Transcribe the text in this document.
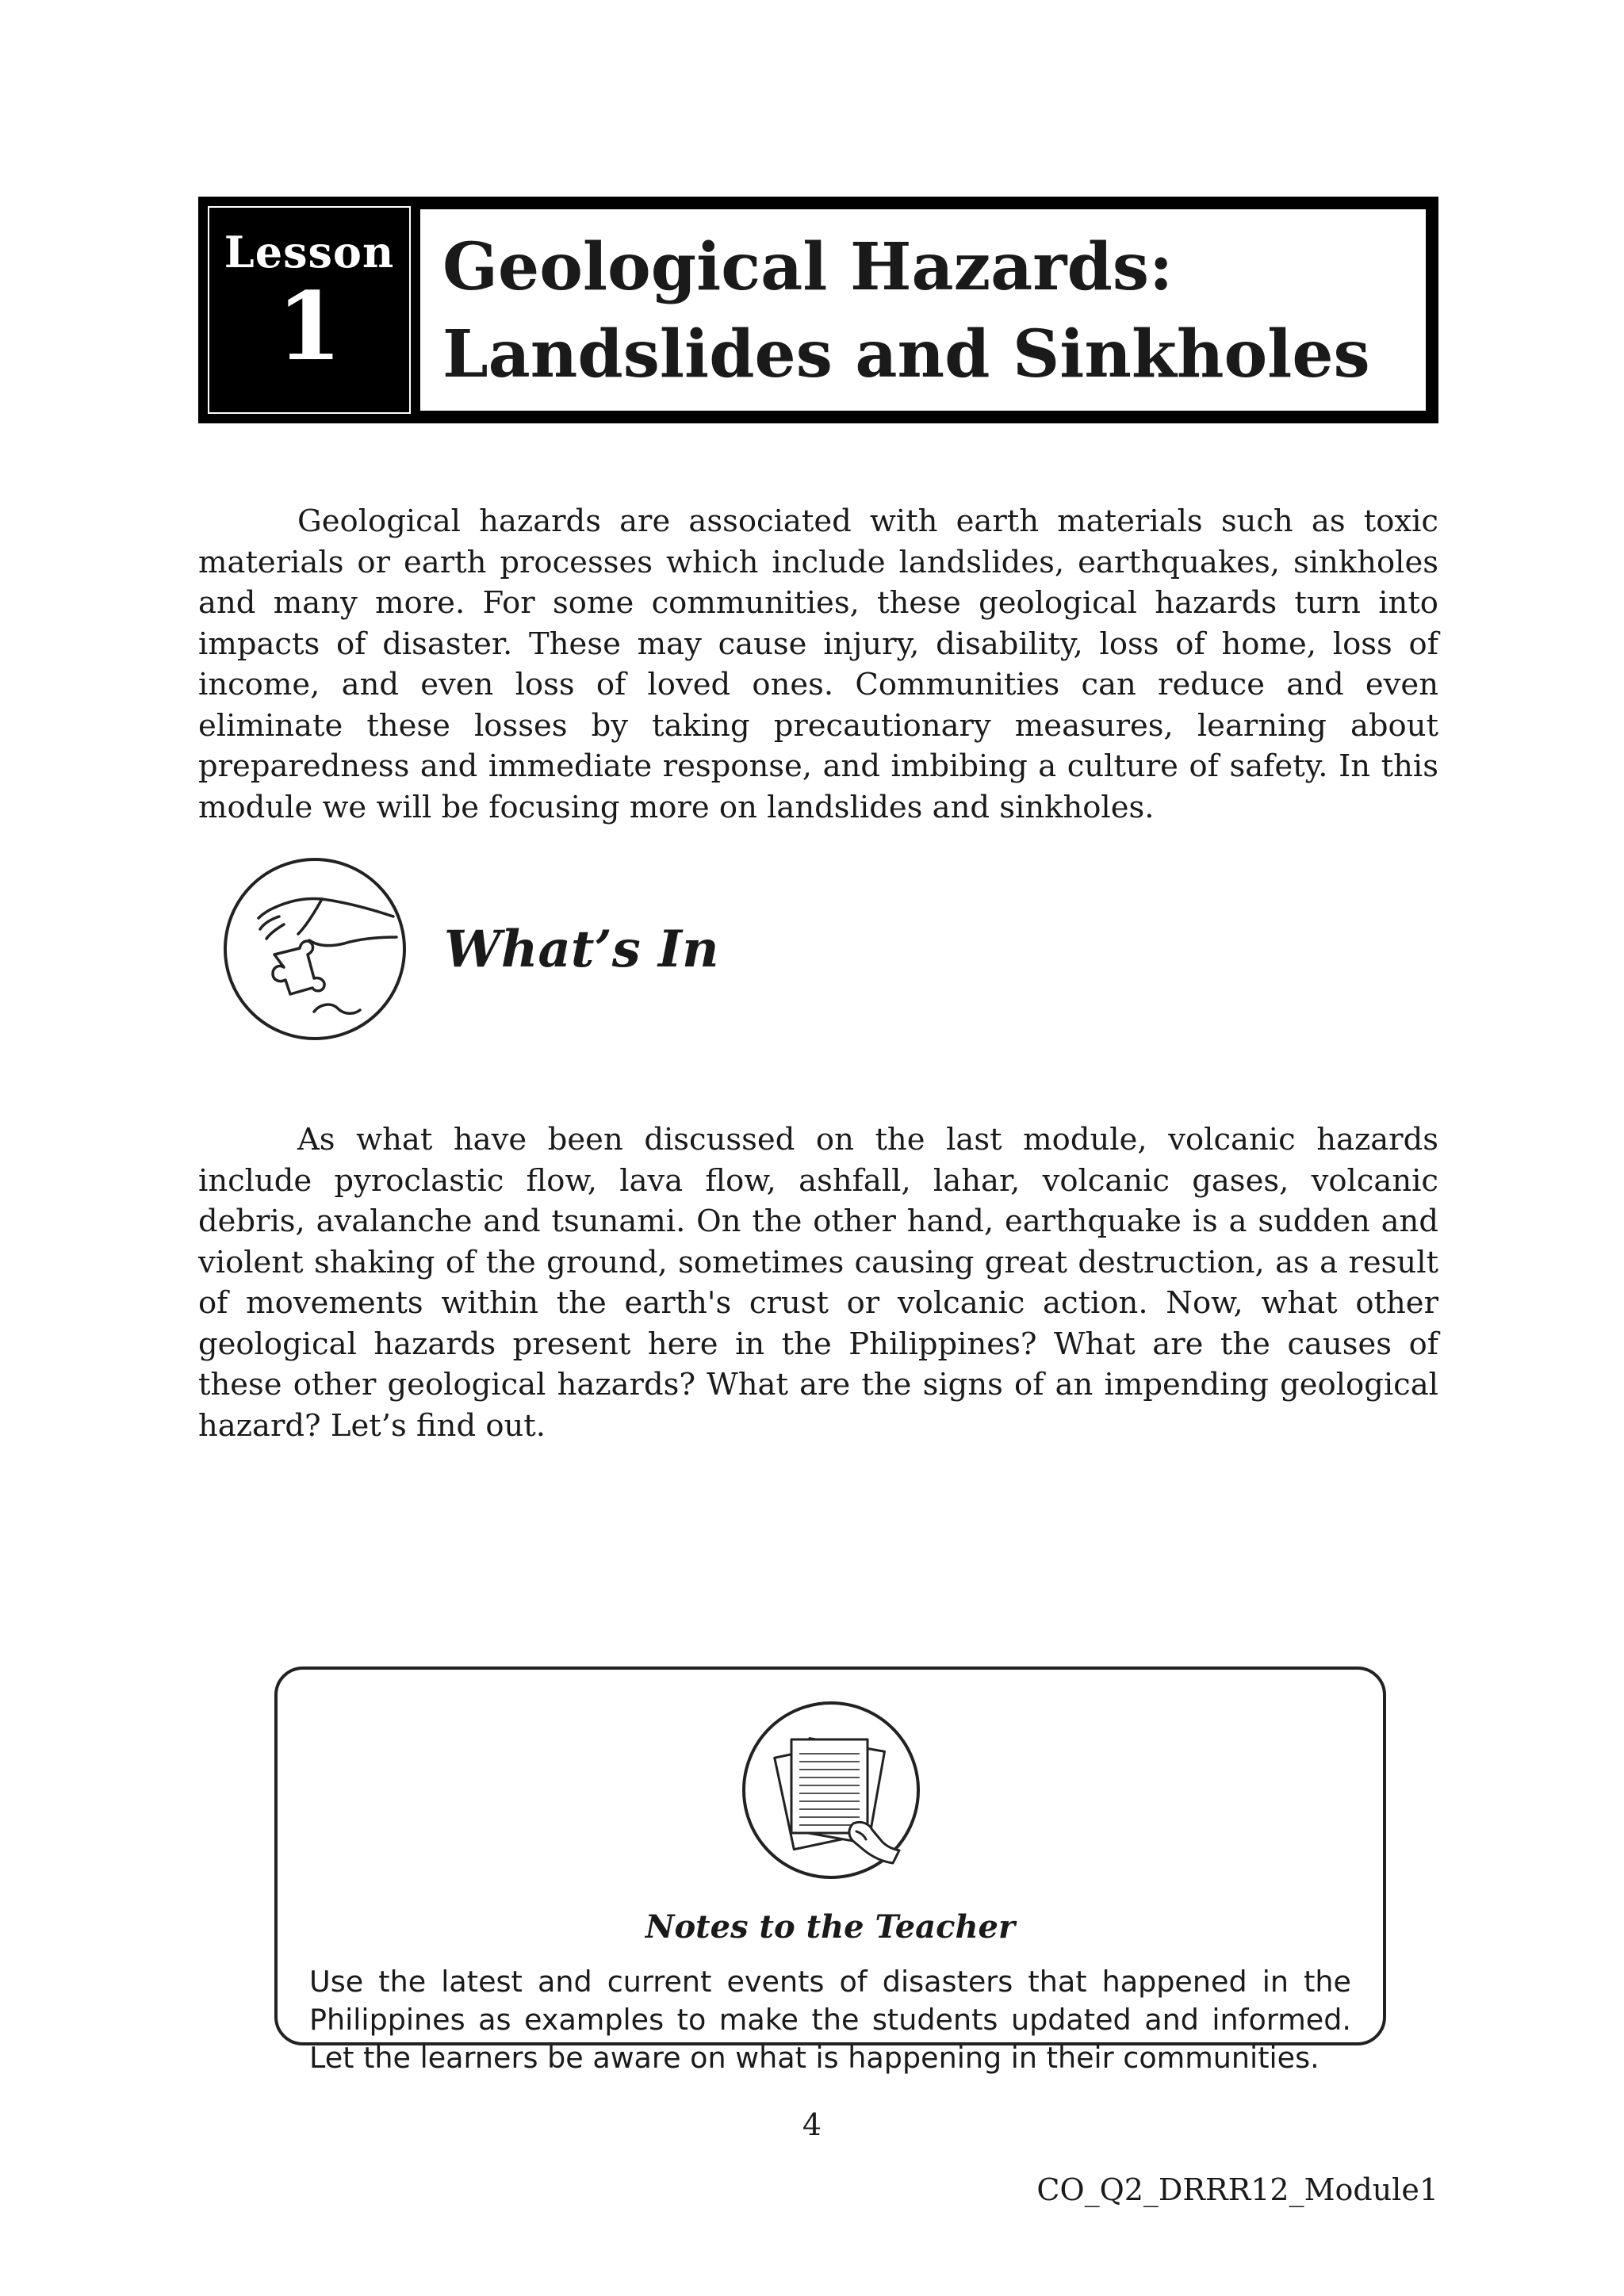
Lesson
1
Geological Hazards:
Landslides and Sinkholes

Geological hazards are associated with earth materials such as toxic materials or earth processes which include landslides, earthquakes, sinkholes and many more. For some communities, these geological hazards turn into impacts of disaster. These may cause injury, disability, loss of home, loss of income, and even loss of loved ones. Communities can reduce and even eliminate these losses by taking precautionary measures, learning about preparedness and immediate response, and imbibing a culture of safety. In this module we will be focusing more on landslides and sinkholes.

What’s In

As what have been discussed on the last module, volcanic hazards include pyroclastic flow, lava flow, ashfall, lahar, volcanic gases, volcanic debris, avalanche and tsunami. On the other hand, earthquake is a sudden and violent shaking of the ground, sometimes causing great destruction, as a result of movements within the earth's crust or volcanic action. Now, what other geological hazards present here in the Philippines? What are the causes of these other geological hazards? What are the signs of an impending geological hazard? Let’s find out.

Notes to the Teacher

Use the latest and current events of disasters that happened in the Philippines as examples to make the students updated and informed. Let the learners be aware on what is happening in their communities.

4

CO_Q2_DRRR12_Module1
